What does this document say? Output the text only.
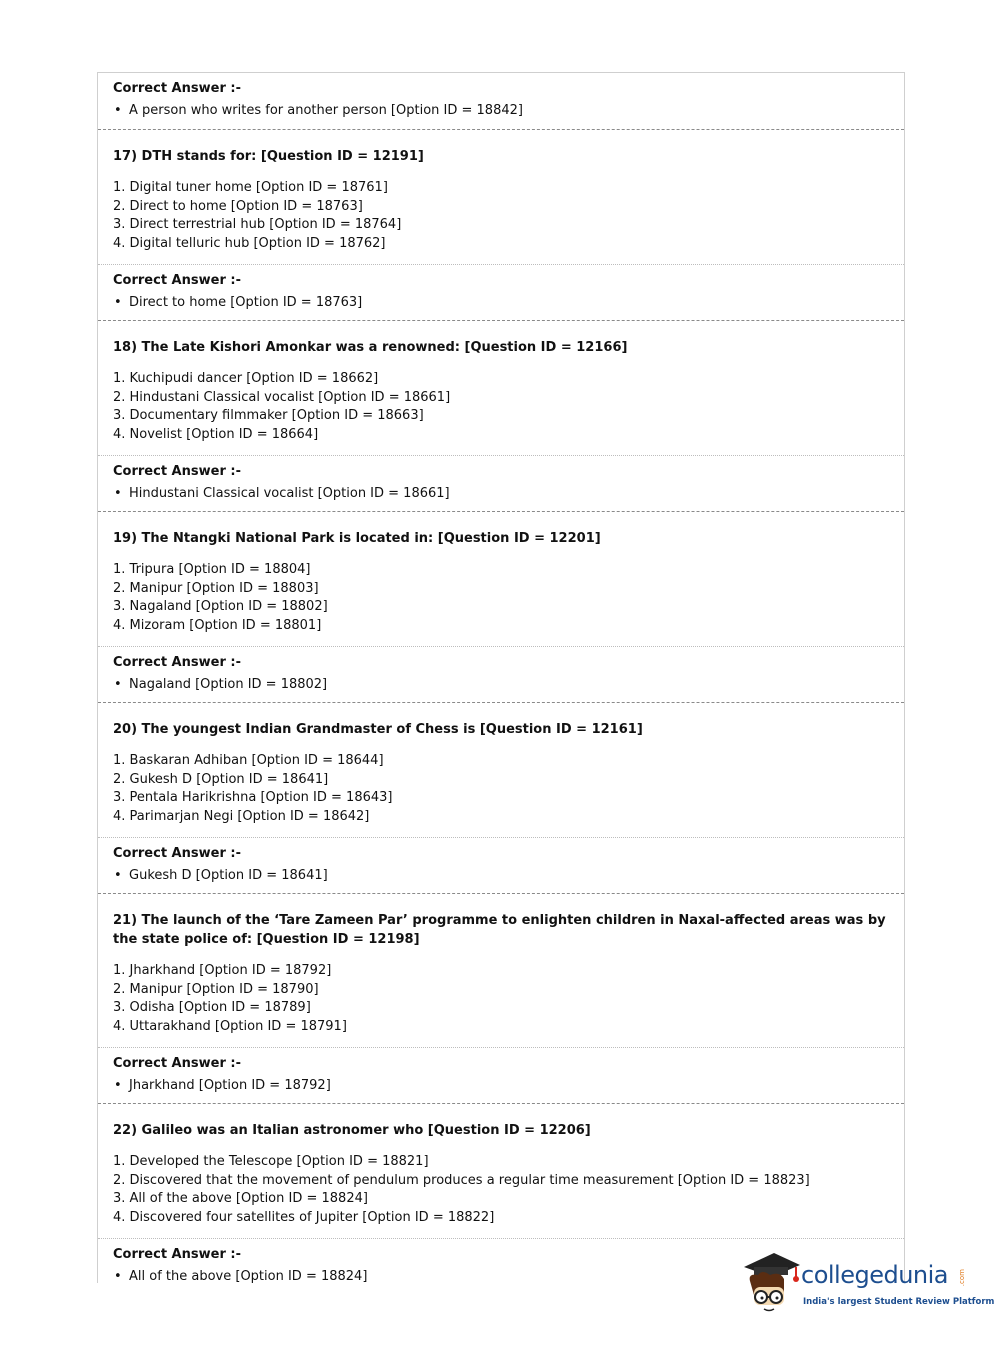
Correct Answer :-
• A person who writes for another person [Option ID = 18842]
17) DTH stands for: [Question ID = 12191]
1. Digital tuner home [Option ID = 18761]
2. Direct to home [Option ID = 18763]
3. Direct terrestrial hub [Option ID = 18764]
4. Digital telluric hub [Option ID = 18762]
Correct Answer :-
• Direct to home [Option ID = 18763]
18) The Late Kishori Amonkar was a renowned: [Question ID = 12166]
1. Kuchipudi dancer [Option ID = 18662]
2. Hindustani Classical vocalist [Option ID = 18661]
3. Documentary filmmaker [Option ID = 18663]
4. Novelist [Option ID = 18664]
Correct Answer :-
• Hindustani Classical vocalist [Option ID = 18661]
19) The Ntangki National Park is located in: [Question ID = 12201]
1. Tripura [Option ID = 18804]
2. Manipur [Option ID = 18803]
3. Nagaland [Option ID = 18802]
4. Mizoram [Option ID = 18801]
Correct Answer :-
• Nagaland [Option ID = 18802]
20) The youngest Indian Grandmaster of Chess is [Question ID = 12161]
1. Baskaran Adhiban [Option ID = 18644]
2. Gukesh D [Option ID = 18641]
3. Pentala Harikrishna [Option ID = 18643]
4. Parimarjan Negi [Option ID = 18642]
Correct Answer :-
• Gukesh D [Option ID = 18641]
21) The launch of the ‘Tare Zameen Par’ programme to enlighten children in Naxal-affected areas was by the state police of: [Question ID = 12198]
1. Jharkhand [Option ID = 18792]
2. Manipur [Option ID = 18790]
3. Odisha [Option ID = 18789]
4. Uttarakhand [Option ID = 18791]
Correct Answer :-
• Jharkhand [Option ID = 18792]
22) Galileo was an Italian astronomer who [Question ID = 12206]
1. Developed the Telescope [Option ID = 18821]
2. Discovered that the movement of pendulum produces a regular time measurement [Option ID = 18823]
3. All of the above [Option ID = 18824]
4. Discovered four satellites of Jupiter [Option ID = 18822]
Correct Answer :-
• All of the above [Option ID = 18824]	collegedunia .com
India's largest Student Review Platform
